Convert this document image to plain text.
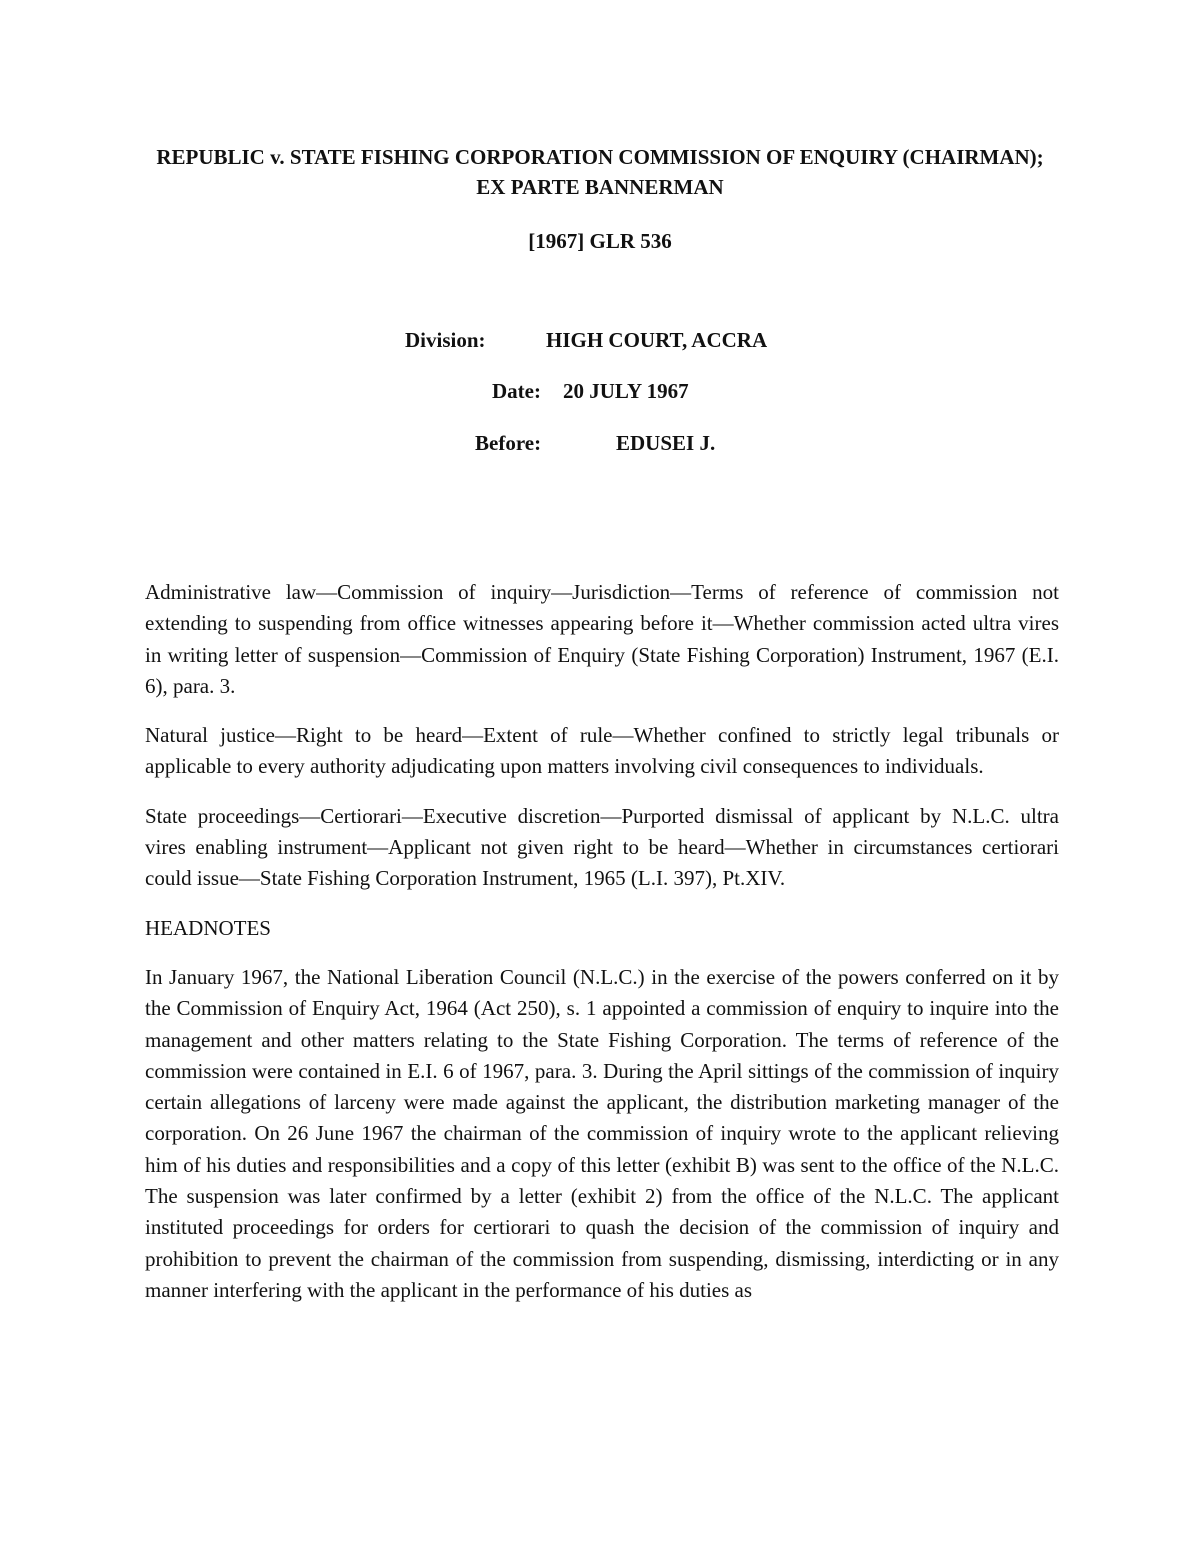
REPUBLIC v. STATE FISHING CORPORATION COMMISSION OF ENQUIRY (CHAIRMAN); EX PARTE BANNERMAN
[1967] GLR 536
Division:	HIGH COURT, ACCRA
Date: 20 JULY 1967
Before:	EDUSEI J.

Administrative law—Commission of inquiry—Jurisdiction—Terms of reference of commission not extending to suspending from office witnesses appearing before it—Whether commission acted ultra vires in writing letter of suspension—Commission of Enquiry (State Fishing Corporation) Instrument, 1967 (E.I. 6), para. 3.

Natural justice—Right to be heard—Extent of rule—Whether confined to strictly legal tribunals or applicable to every authority adjudicating upon matters involving civil consequences to individuals.

State proceedings—Certiorari—Executive discretion—Purported dismissal of applicant by N.L.C. ultra vires enabling instrument—Applicant not given right to be heard—Whether in circumstances certiorari could issue—State Fishing Corporation Instrument, 1965 (L.I. 397), Pt.XIV.

HEADNOTES

In January 1967, the National Liberation Council (N.L.C.) in the exercise of the powers conferred on it by the Commission of Enquiry Act, 1964 (Act 250), s. 1 appointed a commission of enquiry to inquire into the management and other matters relating to the State Fishing Corporation. The terms of reference of the commission were contained in E.I. 6 of 1967, para. 3. During the April sittings of the commission of inquiry certain allegations of larceny were made against the applicant, the distribution marketing manager of the corporation. On 26 June 1967 the chairman of the commission of inquiry wrote to the applicant relieving him of his duties and responsibilities and a copy of this letter (exhibit B) was sent to the office of the N.L.C. The suspension was later confirmed by a letter (exhibit 2) from the office of the N.L.C. The applicant instituted proceedings for orders for certiorari to quash the decision of the commission of inquiry and prohibition to prevent the chairman of the commission from suspending, dismissing, interdicting or in any manner interfering with the applicant in the performance of his duties as
